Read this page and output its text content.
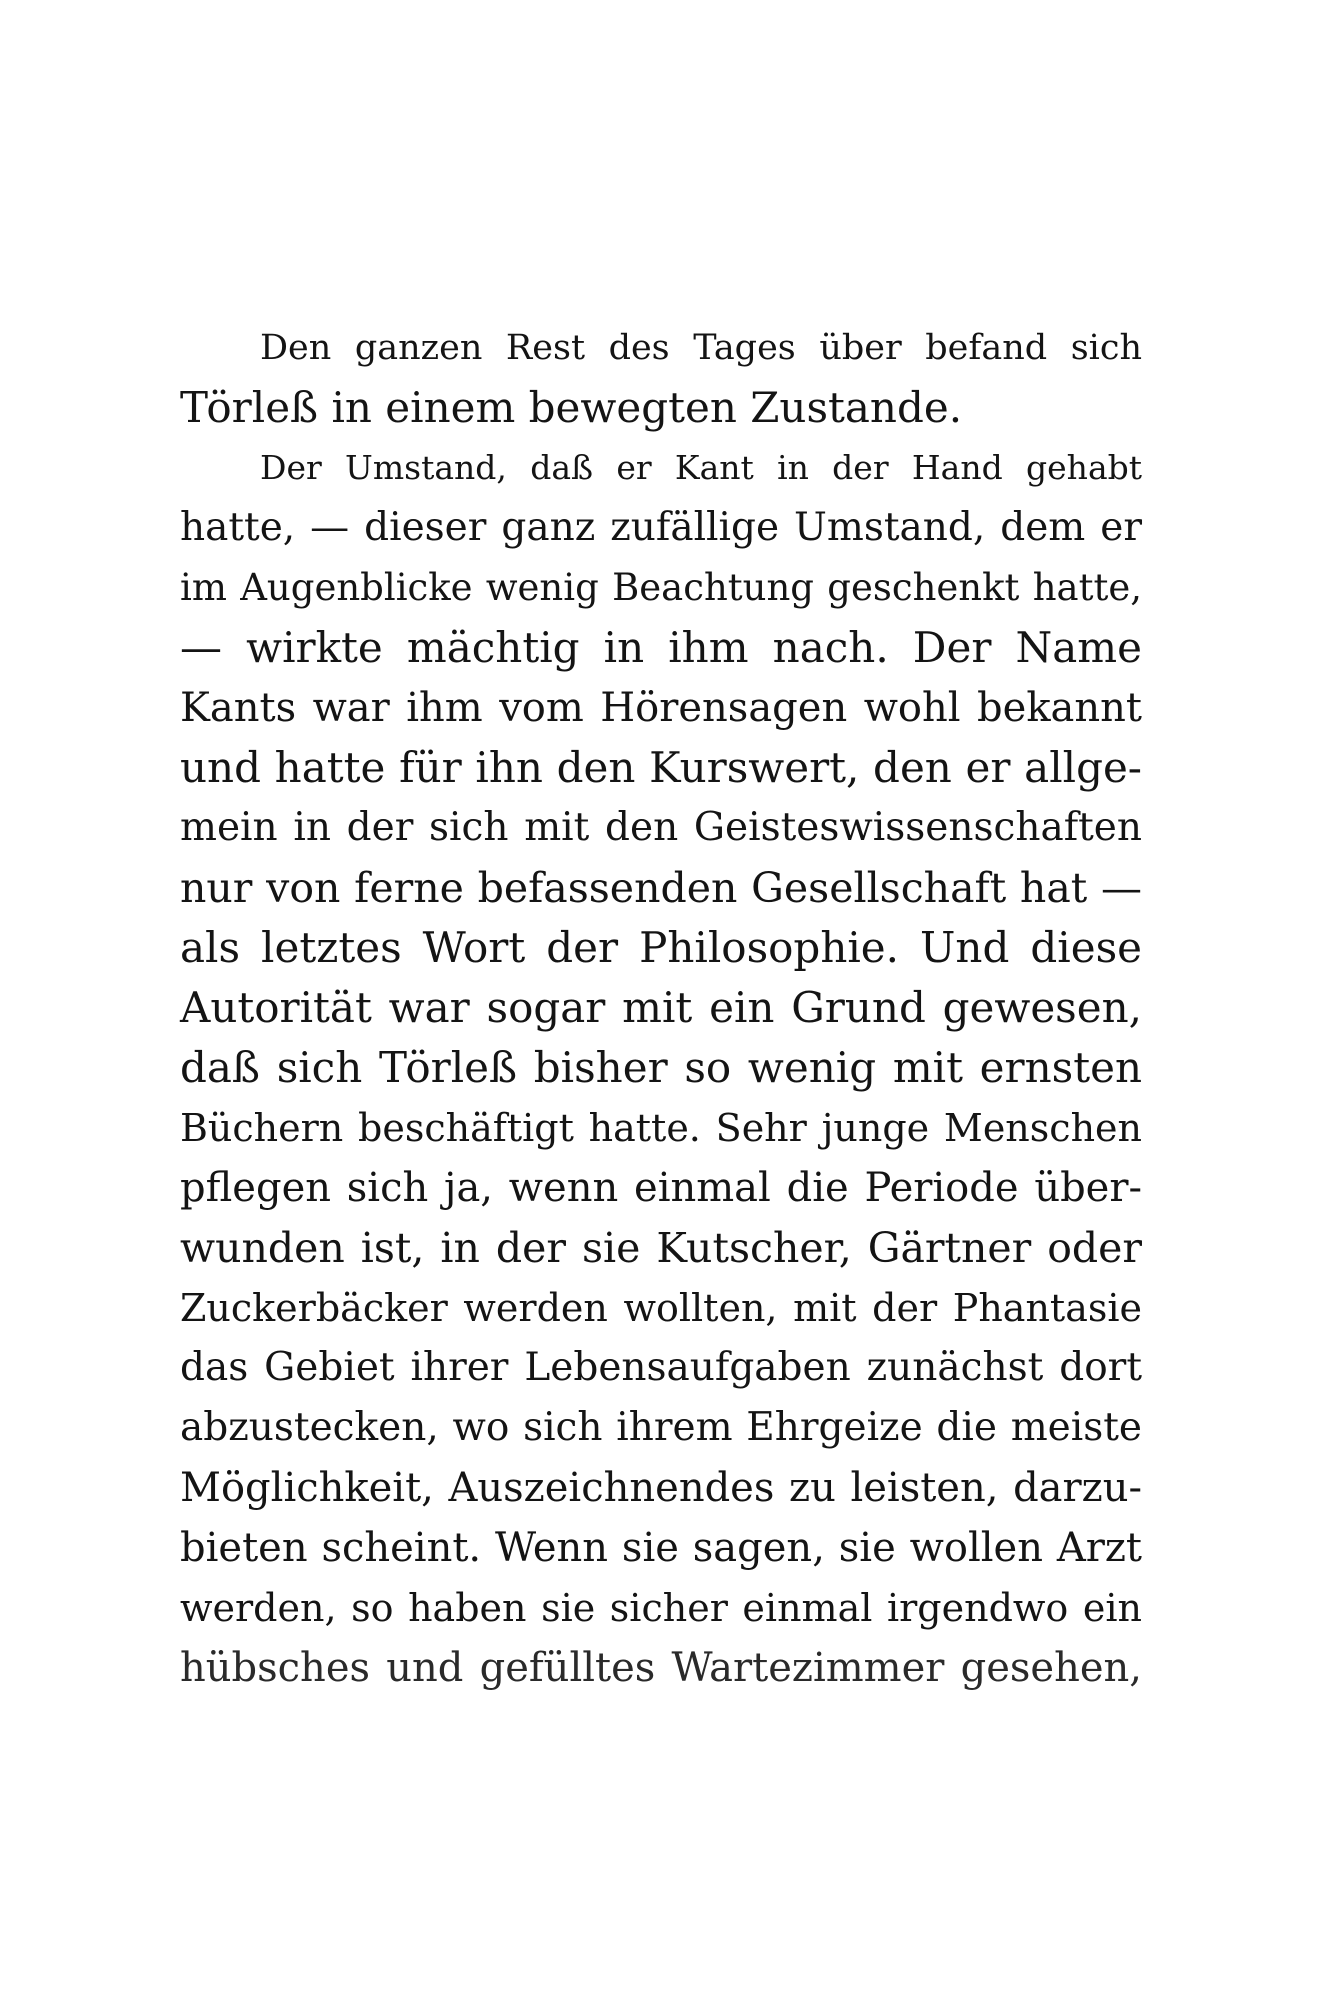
Den ganzen Rest des Tages über befand sich
Törleß in einem bewegten Zustande.
Der Umstand, daß er Kant in der Hand gehabt
hatte, — dieser ganz zufällige Umstand, dem er
im Augenblicke wenig Beachtung geschenkt hatte,
— wirkte mächtig in ihm nach. Der Name
Kants war ihm vom Hörensagen wohl bekannt
und hatte für ihn den Kurswert, den er allge-
mein in der sich mit den Geisteswissenschaften
nur von ferne befassenden Gesellschaft hat —
als letztes Wort der Philosophie. Und diese
Autorität war sogar mit ein Grund gewesen,
daß sich Törleß bisher so wenig mit ernsten
Büchern beschäftigt hatte. Sehr junge Menschen
pflegen sich ja, wenn einmal die Periode über-
wunden ist, in der sie Kutscher, Gärtner oder
Zuckerbäcker werden wollten, mit der Phantasie
das Gebiet ihrer Lebensaufgaben zunächst dort
abzustecken, wo sich ihrem Ehrgeize die meiste
Möglichkeit, Auszeichnendes zu leisten, darzu-
bieten scheint. Wenn sie sagen, sie wollen Arzt
werden, so haben sie sicher einmal irgendwo ein
hübsches und gefülltes Wartezimmer gesehen,
